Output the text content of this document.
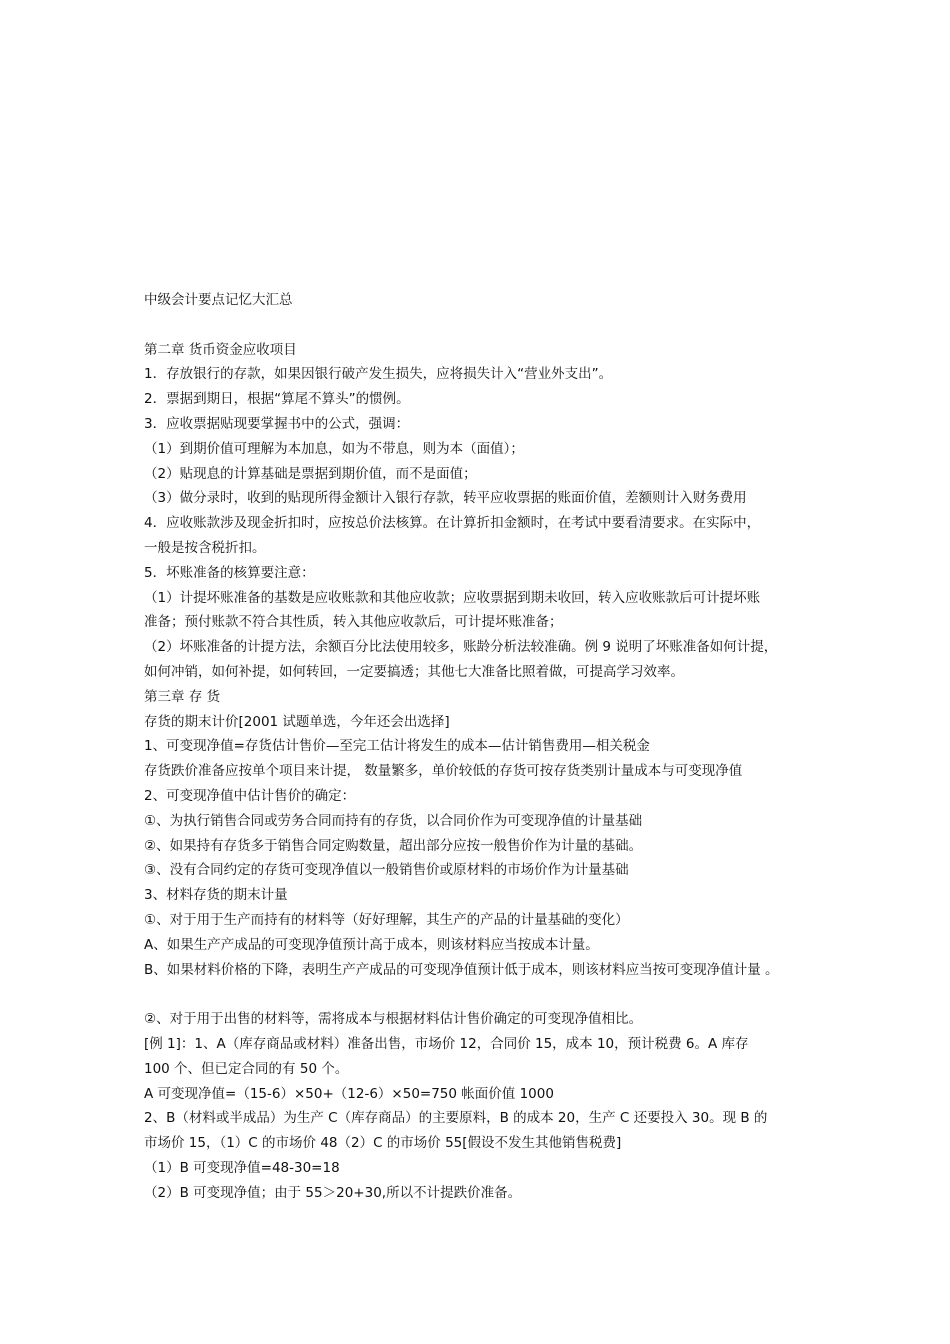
中级会计要点记忆大汇总
第二章 货币资金应收项目
1．存放银行的存款，如果因银行破产发生损失，应将损失计入“营业外支出”。
2．票据到期日，根据“算尾不算头”的惯例。
3．应收票据贴现要掌握书中的公式，强调：
（1）到期价值可理解为本加息，如为不带息，则为本（面值）；
（2）贴现息的计算基础是票据到期价值，而不是面值；
（3）做分录时，收到的贴现所得金额计入银行存款，转平应收票据的账面价值，差额则计入财务费用
4．应收账款涉及现金折扣时，应按总价法核算。在计算折扣金额时，在考试中要看清要求。在实际中，
一般是按含税折扣。
5．坏账准备的核算要注意：
（1）计提坏账准备的基数是应收账款和其他应收款；应收票据到期未收回，转入应收账款后可计提坏账
准备；预付账款不符合其性质，转入其他应收款后，可计提坏账准备；
（2）坏账准备的计提方法，余额百分比法使用较多，账龄分析法较准确。例 9 说明了坏账准备如何计提，
如何冲销，如何补提，如何转回，一定要搞透；其他七大准备比照着做，可提高学习效率。
第三章 存 货
存货的期末计价[2001 试题单选，今年还会出选择]
1、可变现净值=存货估计售价—至完工估计将发生的成本—估计销售费用—相关税金
存货跌价准备应按单个项目来计提， 数量繁多，单价较低的存货可按存货类别计量成本与可变现净值
2、可变现净值中估计售价的确定：
①、为执行销售合同或劳务合同而持有的存货，以合同价作为可变现净值的计量基础
②、如果持有存货多于销售合同定购数量，超出部分应按一般售价作为计量的基础。
③、没有合同约定的存货可变现净值以一般销售价或原材料的市场价作为计量基础
3、材料存货的期末计量
①、对于用于生产而持有的材料等（好好理解，其生产的产品的计量基础的变化）
A、如果生产产成品的可变现净值预计高于成本，则该材料应当按成本计量。
B、如果材料价格的下降，表明生产产成品的可变现净值预计低于成本，则该材料应当按可变现净值计量 。
②、对于用于出售的材料等，需将成本与根据材料估计售价确定的可变现净值相比。
[例 1]：1、A（库存商品或材料）准备出售，市场价 12，合同价 15，成本 10，预计税费 6。A 库存
100 个、但已定合同的有 50 个。
A 可变现净值=（15-6）×50+（12-6）×50=750 帐面价值 1000
2、B（材料或半成品）为生产 C（库存商品）的主要原料，B 的成本 20，生产 C 还要投入 30。现 B 的
市场价 15，（1）C 的市场价 48（2）C 的市场价 55[假设不发生其他销售税费]
（1）B 可变现净值=48-30=18
（2）B 可变现净值；由于 55＞20+30,所以不计提跌价准备。
